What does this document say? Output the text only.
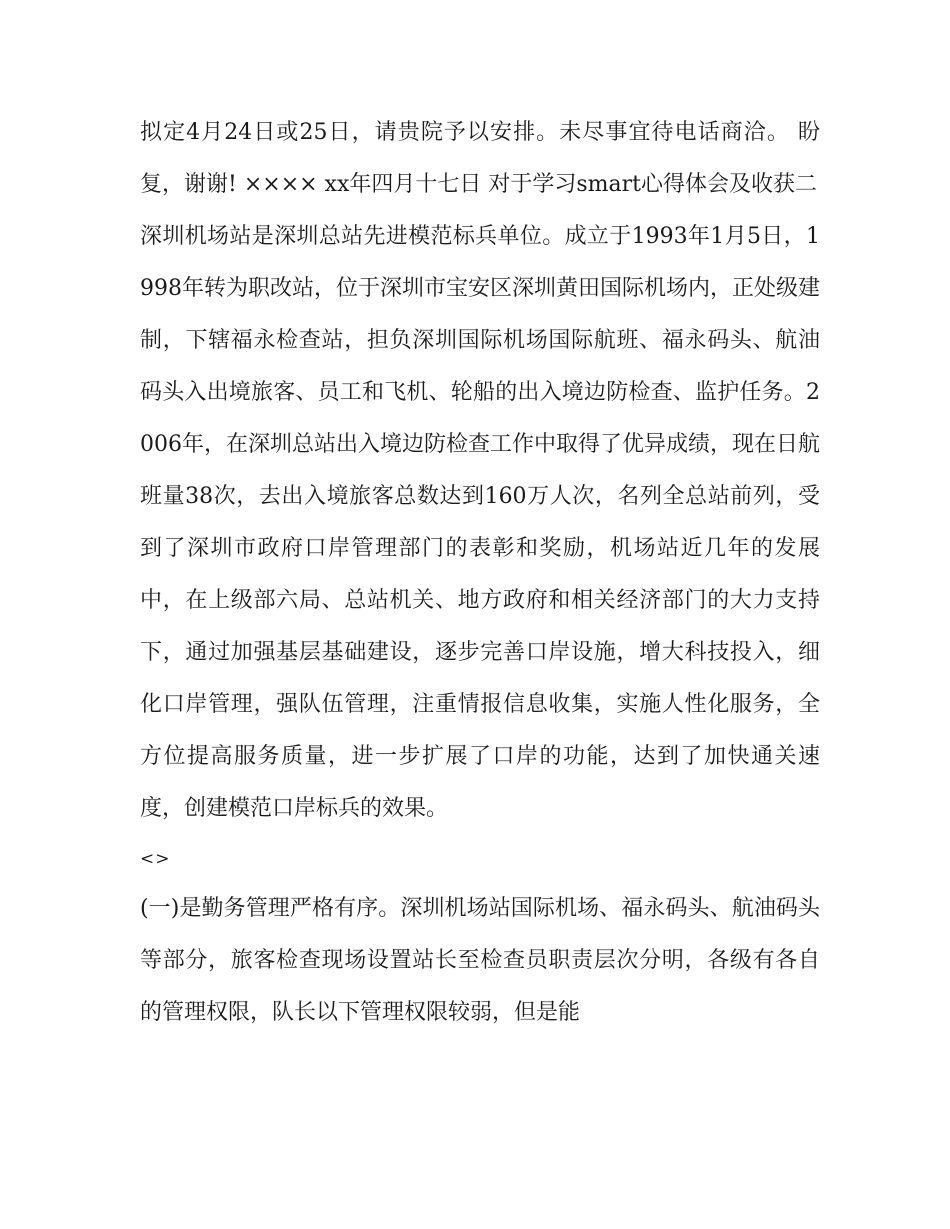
拟定4月24日或25日，请贵院予以安排。未尽事宜待电话商洽。 盼复，谢谢! ×××× xx年四月十七日 对于学习smart心得体会及收获二

深圳机场站是深圳总站先进模范标兵单位。成立于1993年1月5日，1998年转为职改站，位于深圳市宝安区深圳黄田国际机场内，正处级建制，下辖福永检查站，担负深圳国际机场国际航班、福永码头、航油码头入出境旅客、员工和飞机、轮船的出入境边防检查、监护任务。2006年，在深圳总站出入境边防检查工作中取得了优异成绩，现在日航班量38次，去出入境旅客总数达到160万人次，名列全总站前列，受到了深圳市政府口岸管理部门的表彰和奖励，机场站近几年的发展中，在上级部六局、总站机关、地方政府和相关经济部门的大力支持下，通过加强基层基础建设，逐步完善口岸设施，增大科技投入，细化口岸管理，强队伍管理，注重情报信息收集，实施人性化服务，全方位提高服务质量，进一步扩展了口岸的功能，达到了加快通关速度，创建模范口岸标兵的效果。

<>

(一)是勤务管理严格有序。深圳机场站国际机场、福永码头、航油码头等部分，旅客检查现场设置站长至检查员职责层次分明，各级有各自的管理权限，队长以下管理权限较弱，但是能
